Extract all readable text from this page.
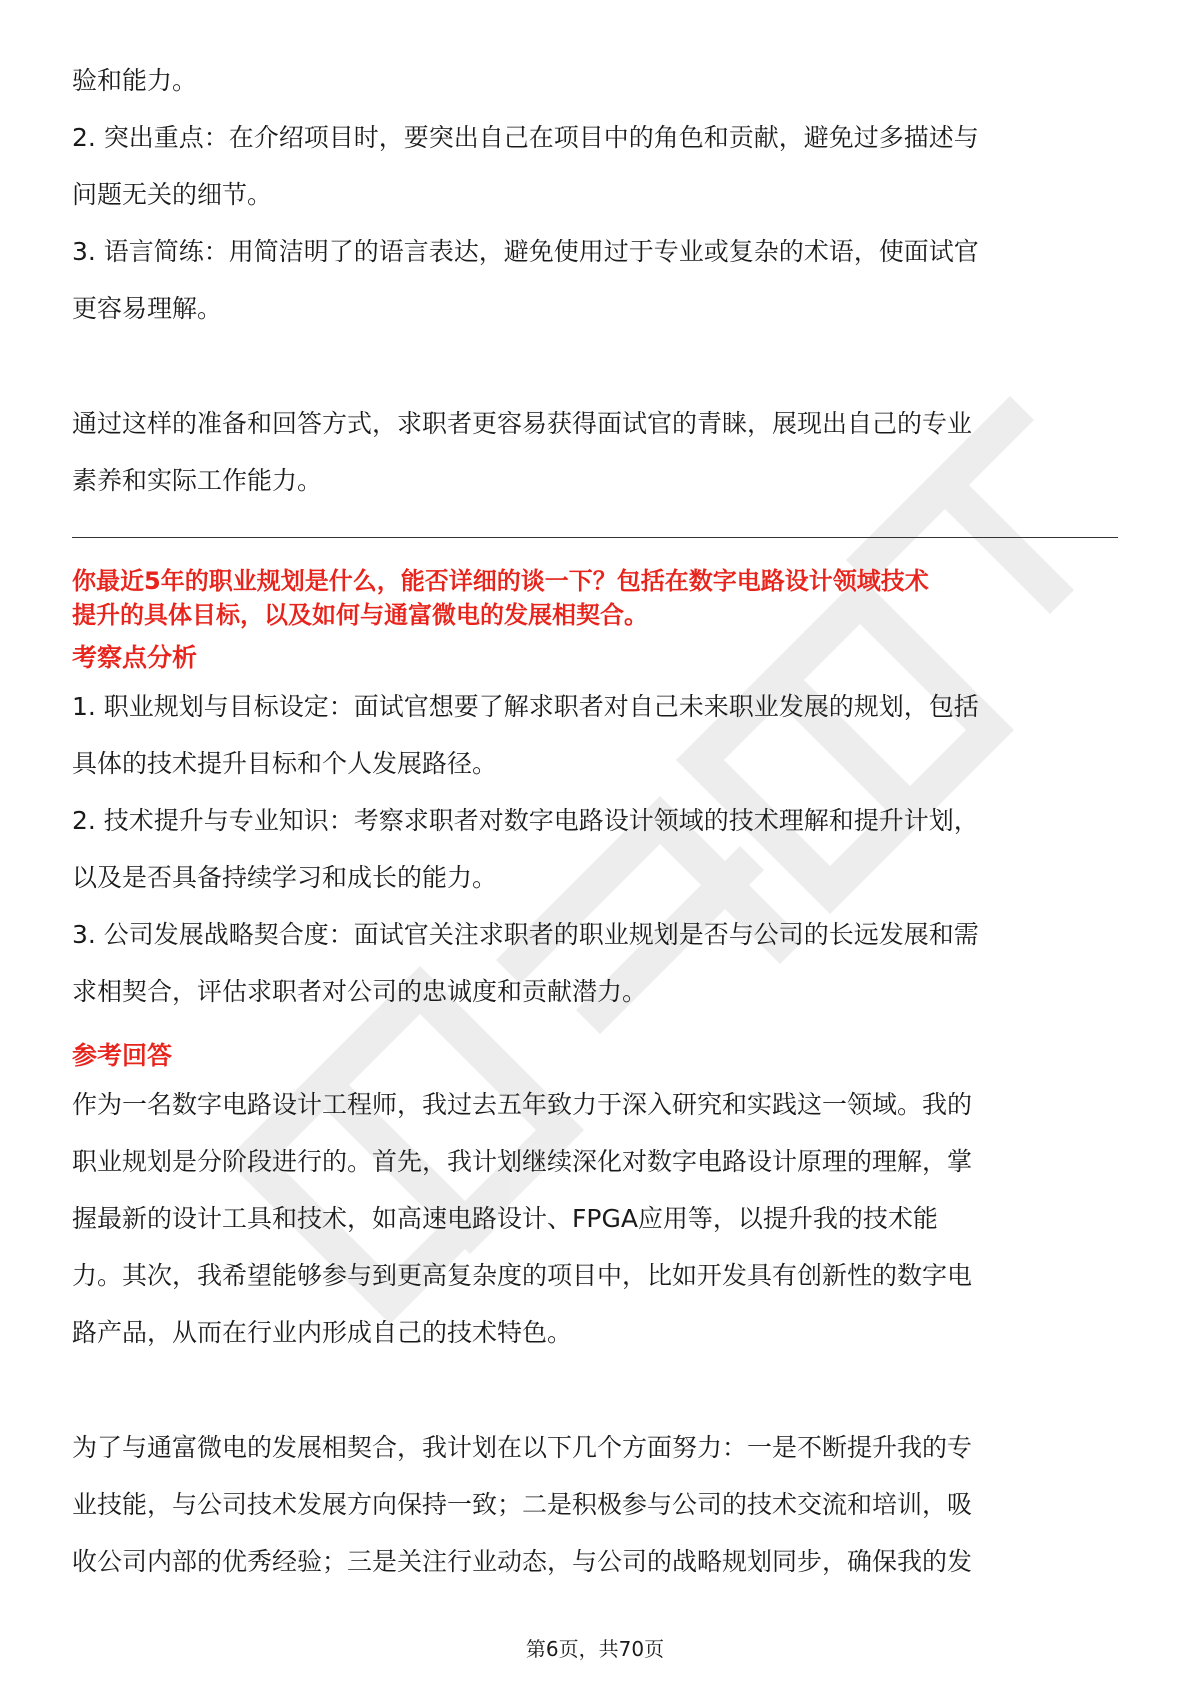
验和能力。

2. 突出重点：在介绍项目时，要突出自己在项目中的角色和贡献，避免过多描述与

问题无关的细节。

3. 语言简练：用简洁明了的语言表达，避免使用过于专业或复杂的术语，使面试官

更容易理解。

通过这样的准备和回答方式，求职者更容易获得面试官的青睐，展现出自己的专业

素养和实际工作能力。

你最近5年的职业规划是什么，能否详细的谈一下？包括在数字电路设计领域技术
提升的具体目标，以及如何与通富微电的发展相契合。
考察点分析

1. 职业规划与目标设定：面试官想要了解求职者对自己未来职业发展的规划，包括

具体的技术提升目标和个人发展路径。

2. 技术提升与专业知识：考察求职者对数字电路设计领域的技术理解和提升计划，

以及是否具备持续学习和成长的能力。

3. 公司发展战略契合度：面试官关注求职者的职业规划是否与公司的长远发展和需

求相契合，评估求职者对公司的忠诚度和贡献潜力。

参考回答

作为一名数字电路设计工程师，我过去五年致力于深入研究和实践这一领域。我的

职业规划是分阶段进行的。首先，我计划继续深化对数字电路设计原理的理解，掌

握最新的设计工具和技术，如高速电路设计、FPGA应用等，以提升我的技术能

力。其次，我希望能够参与到更高复杂度的项目中，比如开发具有创新性的数字电

路产品，从而在行业内形成自己的技术特色。

为了与通富微电的发展相契合，我计划在以下几个方面努力：一是不断提升我的专

业技能，与公司技术发展方向保持一致；二是积极参与公司的技术交流和培训，吸

收公司内部的优秀经验；三是关注行业动态，与公司的战略规划同步，确保我的发

第6页，共70页
